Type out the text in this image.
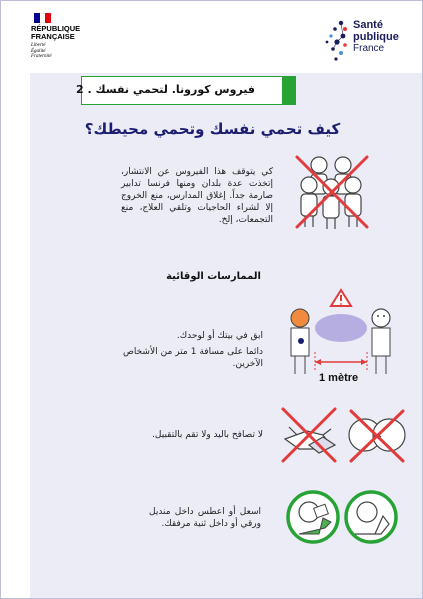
RÉPUBLIQUE
FRANÇAISE
Liberté
Égalité
Fraternité
Santé
publique
France
فيروس كورونا. لتحمي نفسك . 2
كيف تحمي نفسك وتحمي محيطك؟
كي يتوقف هذا الفيروس عن الانتشار، إتخذت عدة بلدان ومنها فرنسا تدابير صارمة جداً. إغلاق المدارس، منع الخروج إلا لشراء الحاجيات وتلقي العلاج، منع التجمعات، إلخ.
الممارسات الوقائية
ابق في بيتك أو لوحدك.
دائما على مسافة 1 متر من الأشخاص الآخرين.
1 mètre
لا تصافح باليد ولا تقم بالتقبيل.
اسعل أو اعطس داخل منديل ورقي أو داخل ثنية مرفقك.
